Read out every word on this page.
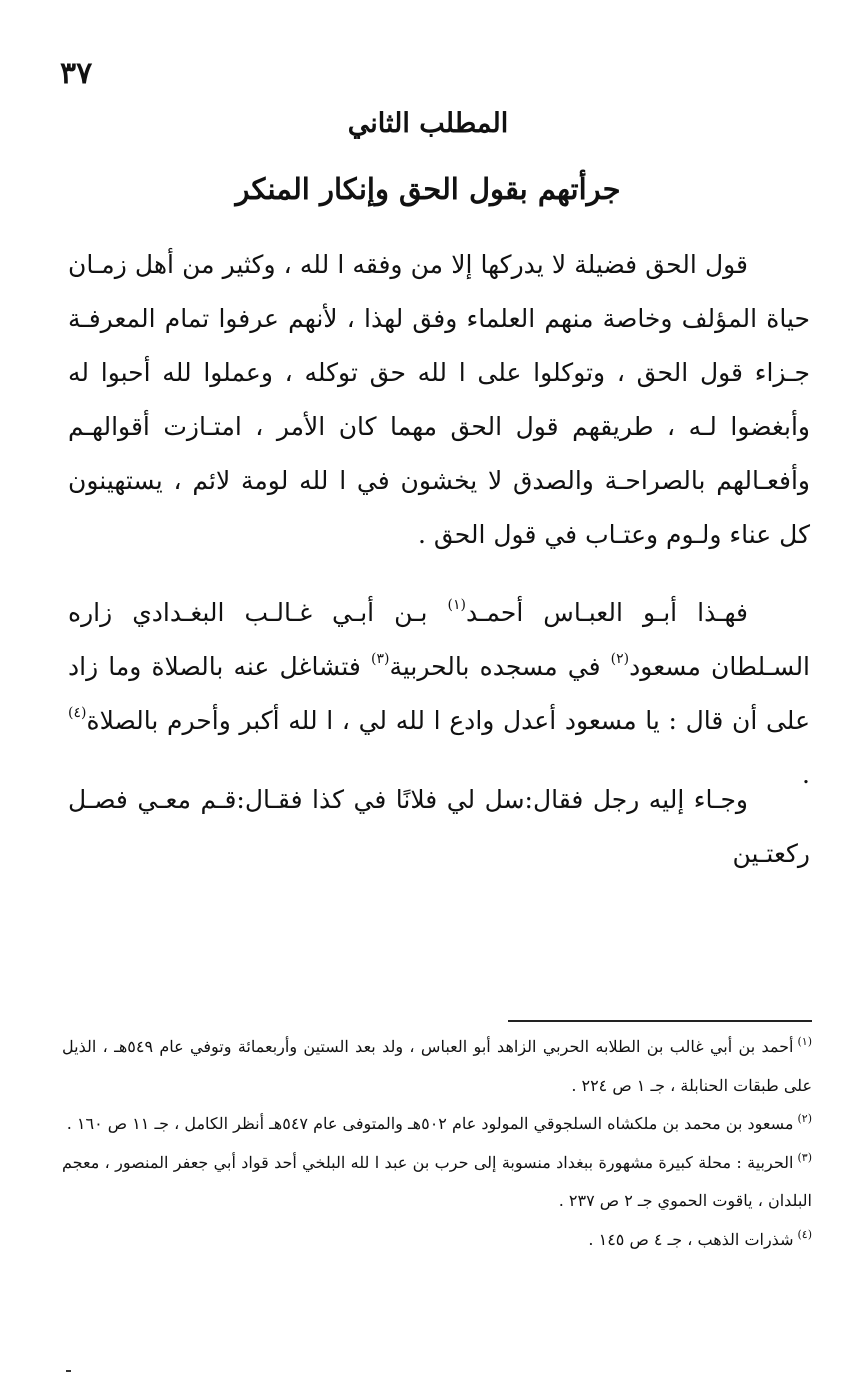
٣٧
المطلب الثاني
جرأتهم بقول الحق وإنكار المنكر
قول الحق فضيلة لا يدركها إلا من وفقه ا لله ، وكثير من أهل زمـان حياة المؤلف وخاصة منهم العلماء وفق لهذا ، لأنهم عرفوا تمام المعرفـة جـزاء قول الحق ، وتوكلوا على ا لله حق توكله ، وعملوا لله أحبوا له وأبغضوا لـه ، طريقهم قول الحق مهما كان الأمر ، امتـازت أقوالهـم وأفعـالهم بالصراحـة والصدق لا يخشون في ا لله لومة لائم ، يستهينون كل عناء ولـوم وعتـاب في قول الحق .
فهـذا أبـو العبـاس أحمـد$^{(١)}$ بـن أبـي غـالـب البغـدادي زاره السـلطان مسعود$^{(٢)}$ في مسجده بالحربية$^{(٣)}$ فتشاغل عنه بالصلاة وما زاد على أن قال : يا مسعود أعدل وادع ا لله لي ، ا لله أكبر وأحرم بالصلاة$^{(٤)}$ .
وجـاء إليه رجل فقال:سل لي فلانًا في كذا فقـال:قـم معـي فصـل ركعتـين

$^{(١)}$أحمد بن أبي غالب بن الطلابه الحربي الزاهد أبو العباس ، ولد بعد الستين وأربعمائة وتوفي عام ٥٤٩هـ ، الذيل على طبقات الحنابلة ، جـ ١ ص ٢٢٤ .

$^{(٢)}$مسعود بن محمد بن ملكشاه السلجوقي المولود عام ٥٠٢هـ والمتوفى عام ٥٤٧هـ أنظر الكامل ، جـ ١١ ص ١٦٠ .

$^{(٣)}$الحربية : محلة كبيرة مشهورة ببغداد منسوبة إلى حرب بن عبد ا لله البلخي أحد قواد أبي جعفر المنصور ، معجم البلدان ، ياقوت الحموي جـ ٢ ص ٢٣٧ .

$^{(٤)}$شذرات الذهب ، جـ ٤ ص ١٤٥ .
